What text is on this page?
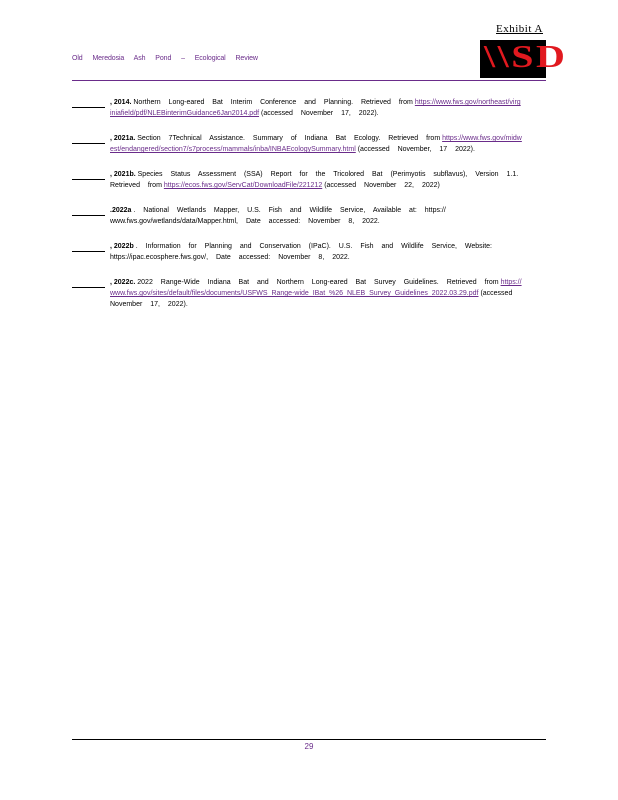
Exhibit A
Old Meredosia Ash Pond – Ecological Review	\\SD
, 2014. Northern Long-eared Bat Interim Conference and Planning. Retrieved from https://www.fws.gov/northeast/virginiafield/pdf/NLEBinterimGuidance6Jan2014.pdf (accessed November 17, 2022).
, 2021a. Section 7Technical Assistance. Summary of Indiana Bat Ecology. Retrieved from https://www.fws.gov/midwest/endangered/section7/s7process/mammals/inba/INBAEcologySummary.html (accessed November, 17 2022).
, 2021b. Species Status Assessment (SSA) Report for the Tricolored Bat (Perimyotis subflavus), Version 1.1. Retrieved from https://ecos.fws.gov/ServCat/DownloadFile/221212 (accessed November 22, 2022)
.2022a . National Wetlands Mapper, U.S. Fish and Wildlife Service, Available at: https:// www.fws.gov/wetlands/data/Mapper.html, Date accessed: November 8, 2022.
, 2022b . Information for Planning and Conservation (IPaC). U.S. Fish and Wildlife Service, Website: https://ipac.ecosphere.fws.gov/, Date accessed: November 8, 2022.
, 2022c. 2022 Range-Wide Indiana Bat and Northern Long-eared Bat Survey Guidelines. Retrieved from https:// www.fws.gov/sites/default/files/documents/USFWS_Range-wide_IBat_%26_NLEB_Survey_Guidelines_2022.03.29.pdf (accessed November 17, 2022).
29
